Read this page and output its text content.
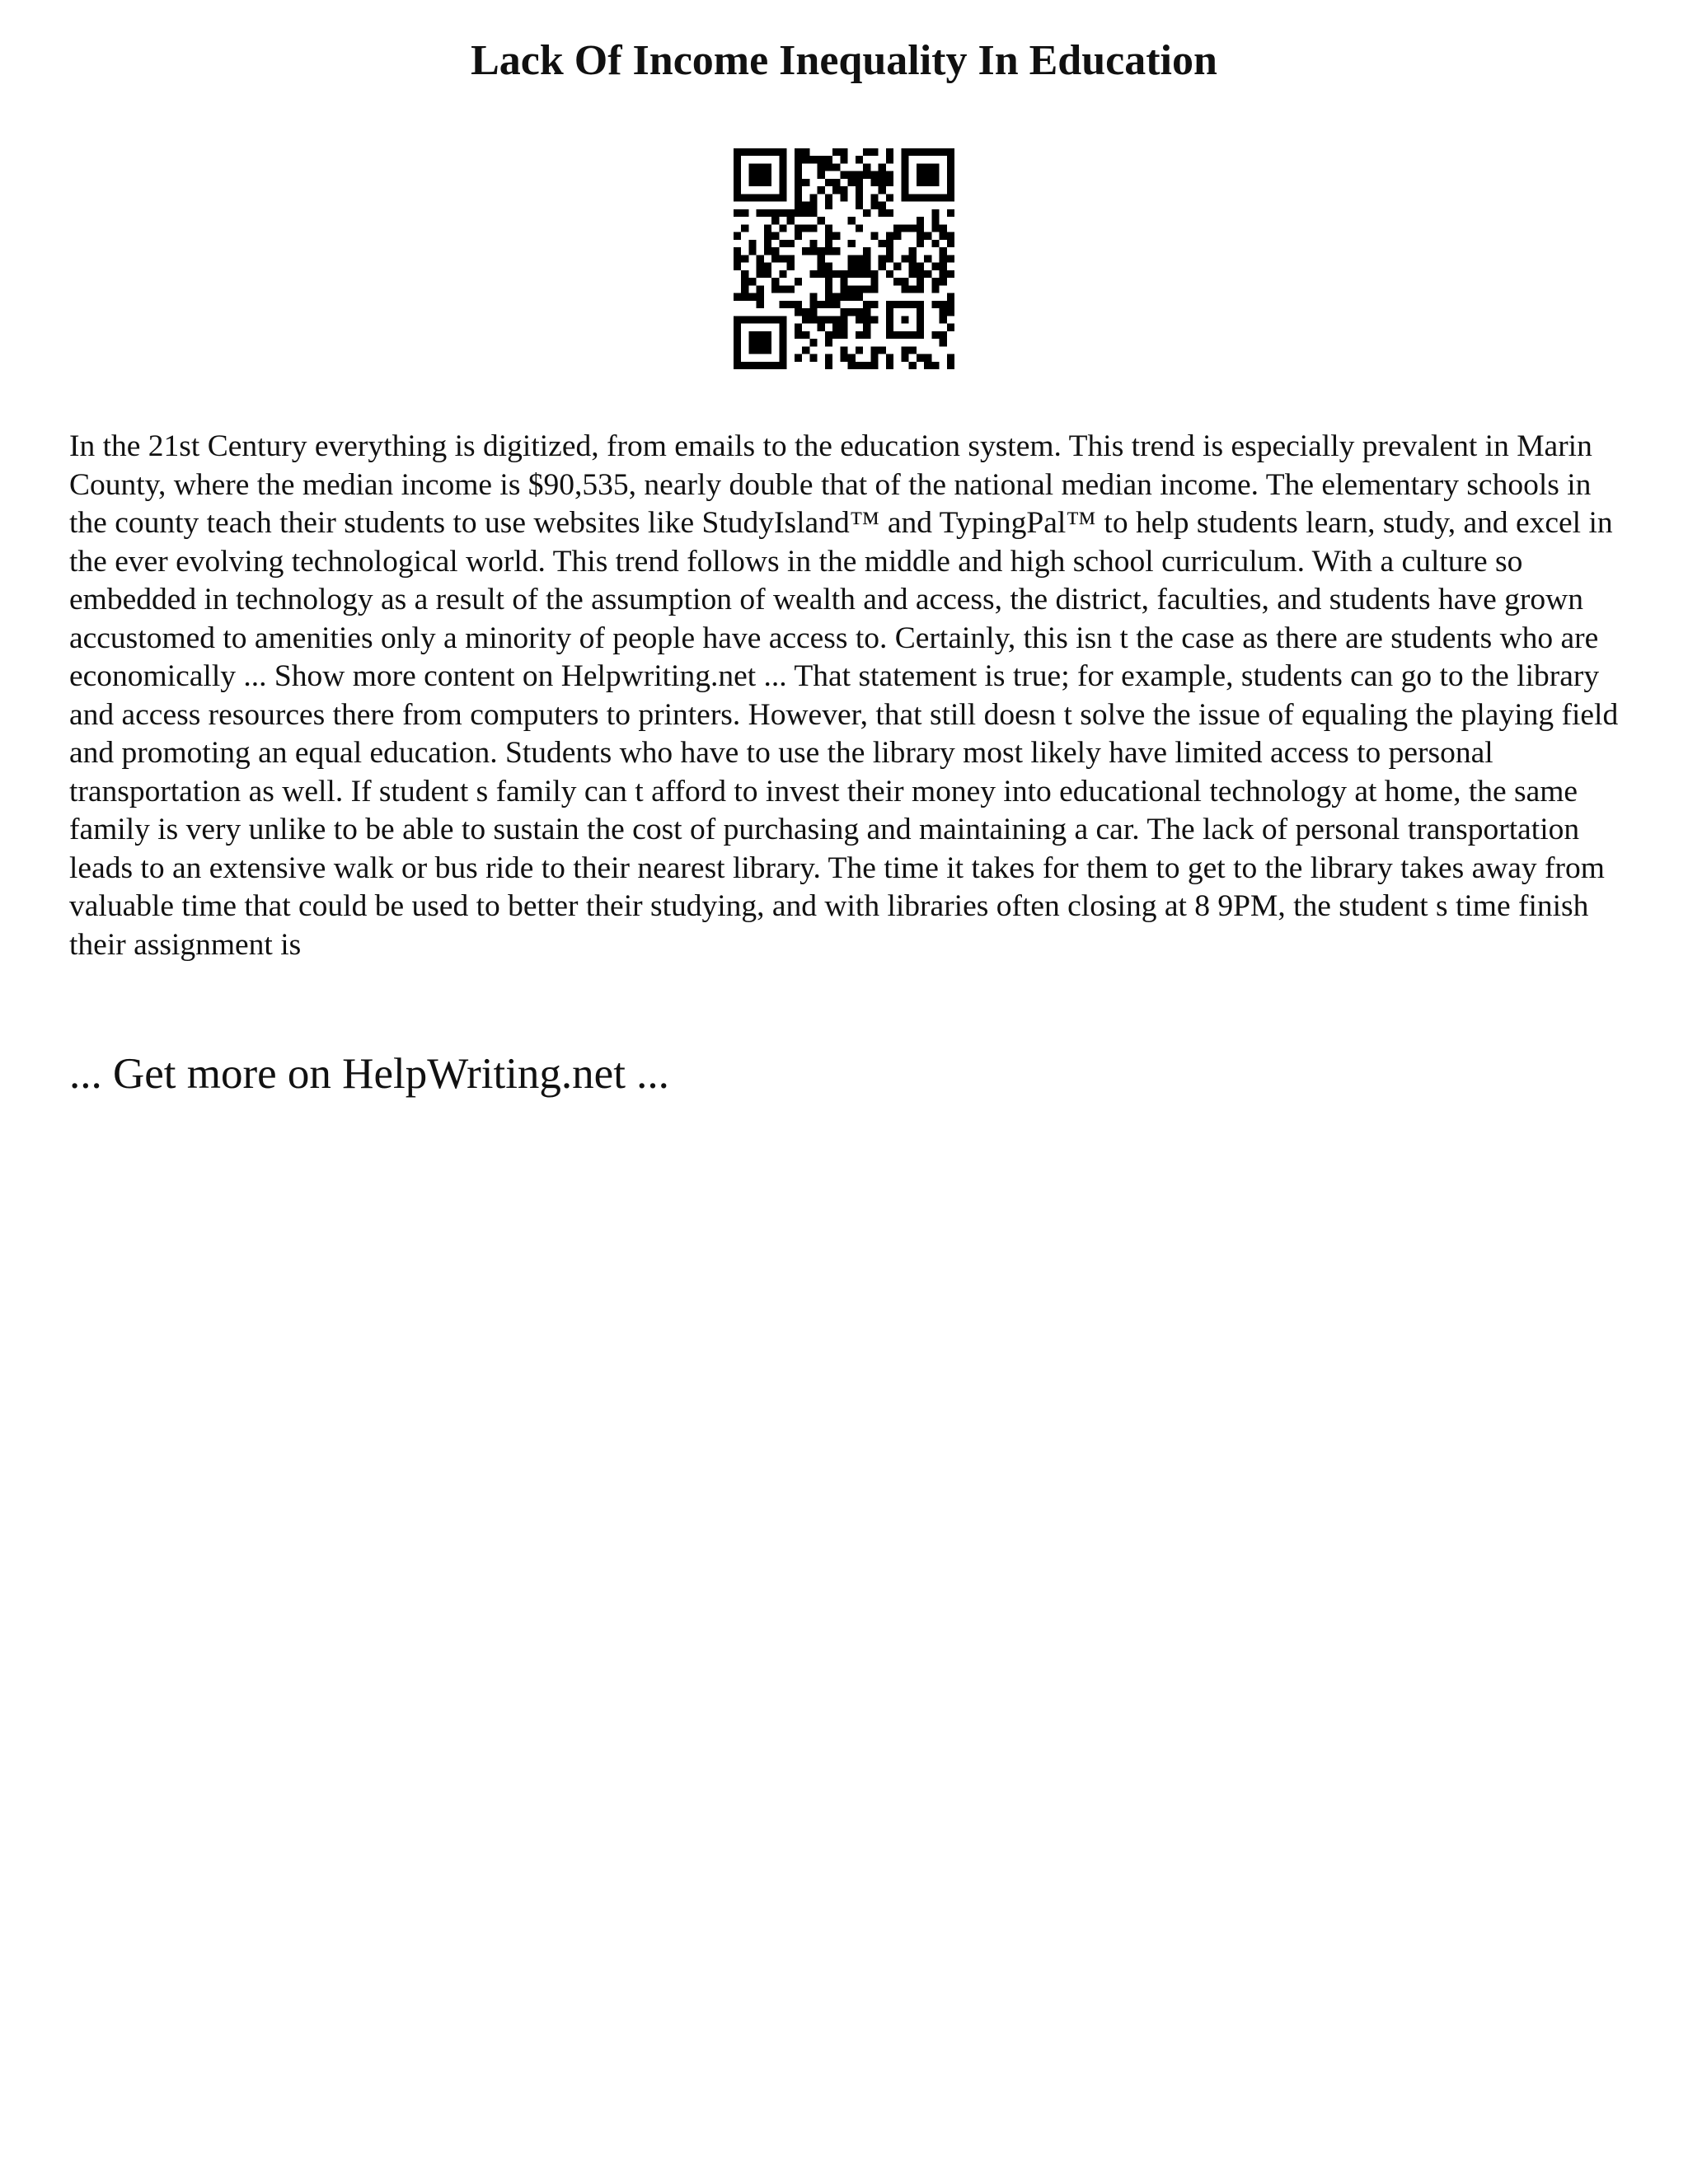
Lack Of Income Inequality In Education

In the 21st Century everything is digitized, from emails to the education system. This trend is especially prevalent in Marin County, where the median income is $90,535, nearly double that of the national median income. The elementary schools in the county teach their students to use websites like StudyIsland™ and TypingPal™ to help students learn, study, and excel in the ever evolving technological world. This trend follows in the middle and high school curriculum. With a culture so embedded in technology as a result of the assumption of wealth and access, the district, faculties, and students have grown accustomed to amenities only a minority of people have access to. Certainly, this isn t the case as there are students who are economically ... Show more content on Helpwriting.net ... That statement is true; for example, students can go to the library and access resources there from computers to printers. However, that still doesn t solve the issue of equaling the playing field and promoting an equal education. Students who have to use the library most likely have limited access to personal transportation as well. If student s family can t afford to invest their money into educational technology at home, the same family is very unlike to be able to sustain the cost of purchasing and maintaining a car. The lack of personal transportation leads to an extensive walk or bus ride to their nearest library. The time it takes for them to get to the library takes away from valuable time that could be used to better their studying, and with libraries often closing at 8 9PM, the student s time finish their assignment is

... Get more on HelpWriting.net ...
